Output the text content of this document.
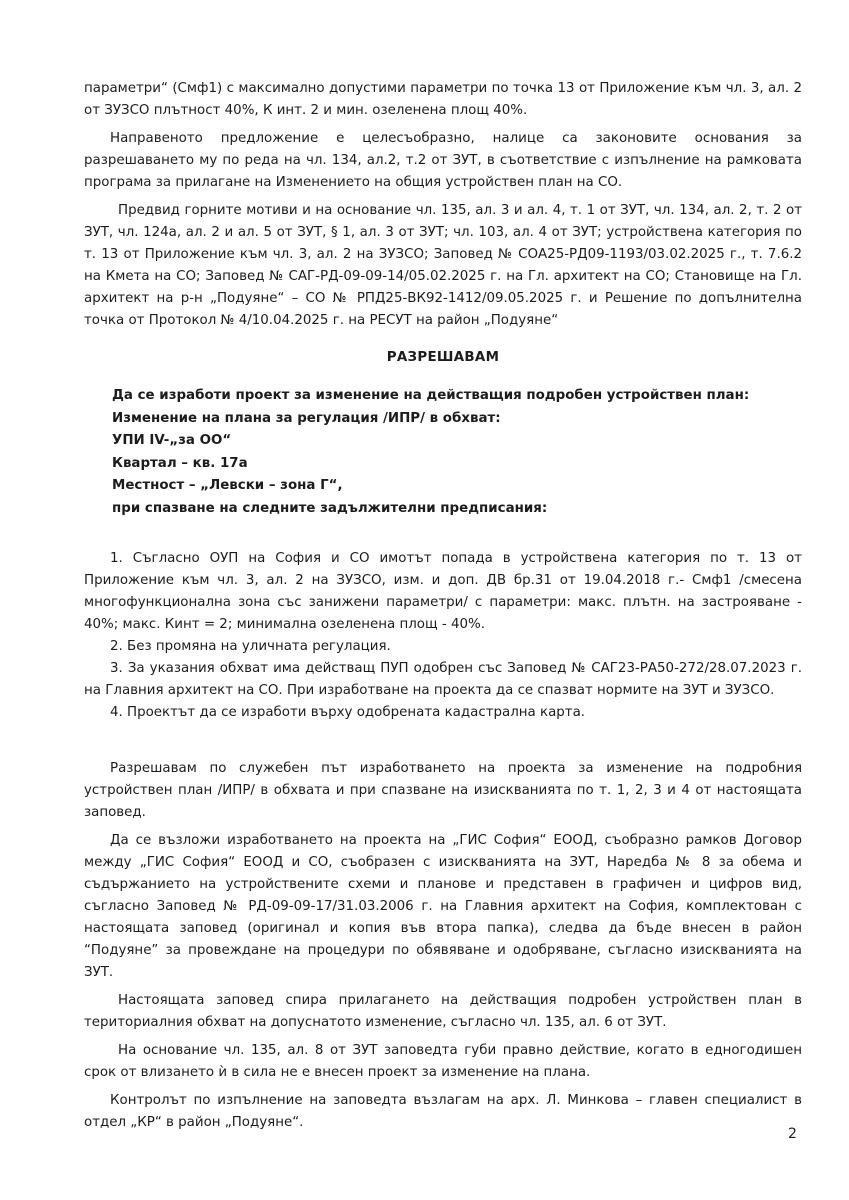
параметри“ (Смф1) с максимално допустими параметри по точка 13 от Приложение към чл. 3, ал. 2 от ЗУЗСО плътност 40%, К инт. 2 и мин. озеленена площ 40%.

Направеното предложение е целесъобразно, налице са законовите основания за разрешаването му по реда на чл. 134, ал.2, т.2 от ЗУТ, в съответствие с изпълнение на рамковата програма за прилагане на Изменението на общия устройствен план на СО.

Предвид горните мотиви и на основание чл. 135, ал. 3 и ал. 4, т. 1 от ЗУТ, чл. 134, ал. 2, т. 2 от ЗУТ, чл. 124а, ал. 2 и ал. 5 от ЗУТ, § 1, ал. 3 от ЗУТ; чл. 103, ал. 4 от ЗУТ; устройствена категория по т. 13 от Приложение към чл. 3, ал. 2 на ЗУЗСО; Заповед № СОА25-РД09-1193/03.02.2025 г., т. 7.6.2 на Кмета на СО; Заповед № САГ-РД-09-09-14/05.02.2025 г. на Гл. архитект на СО; Становище на Гл. архитект на р-н „Подуяне“ – СО № РПД25-ВК92-1412/09.05.2025 г. и Решение по допълнителна точка от Протокол № 4/10.04.2025 г. на РЕСУТ на район „Подуяне“

РАЗРЕШАВАМ
Да се изработи проект за изменение на действащия подробен устройствен план:
Изменение на плана за регулация /ИПР/ в обхват:
УПИ IV-„за ОО“
Квартал – кв. 17а
Местност – „Левски – зона Г“,
при спазване на следните задължителни предписания:

1. Съгласно ОУП на София и СО имотът попада в устройствена категория по т. 13 от Приложение към чл. 3, ал. 2 на ЗУЗСО, изм. и доп. ДВ бр.31 от 19.04.2018 г.- Смф1 /смесена многофункционална зона със занижени параметри/ с параметри: макс. плътн. на застрояване - 40%; макс. Кинт = 2; минимална озеленена площ - 40%.

2. Без промяна на уличната регулация.

3. За указания обхват има действащ ПУП одобрен със Заповед № САГ23-РА50-272/28.07.2023 г. на Главния архитект на СО. При изработване на проекта да се спазват нормите на ЗУТ и ЗУЗСО.

4. Проектът да се изработи върху одобрената кадастрална карта.

Разрешавам по служебен път изработването на проекта за изменение на подробния устройствен план /ИПР/ в обхвата и при спазване на изискванията по т. 1, 2, 3 и 4 от настоящата заповед.

Да се възложи изработването на проекта на „ГИС София“ ЕООД, съобразно рамков Договор между „ГИС София“ ЕООД и СО, съобразен с изискванията на ЗУТ, Наредба № 8 за обема и съдържанието на устройствените схеми и планове и представен в графичен и цифров вид, съгласно Заповед № РД-09-09-17/31.03.2006 г. на Главния архитект на София, комплектован с настоящата заповед (оригинал и копия във втора папка), следва да бъде внесен в район “Подуяне” за провеждане на процедури по обявяване и одобряване, съгласно изискванията на ЗУТ.

Настоящата заповед спира прилагането на действащия подробен устройствен план в териториалния обхват на допуснатото изменение, съгласно чл. 135, ал. 6 от ЗУТ.

На основание чл. 135, ал. 8 от ЗУТ заповедта губи правно действие, когато в едногодишен срок от влизането ѝ в сила не е внесен проект за изменение на плана.

Контролът по изпълнение на заповедта възлагам на арх. Л. Минкова – главен специалист в отдел „КР“ в район „Подуяне“.

2
